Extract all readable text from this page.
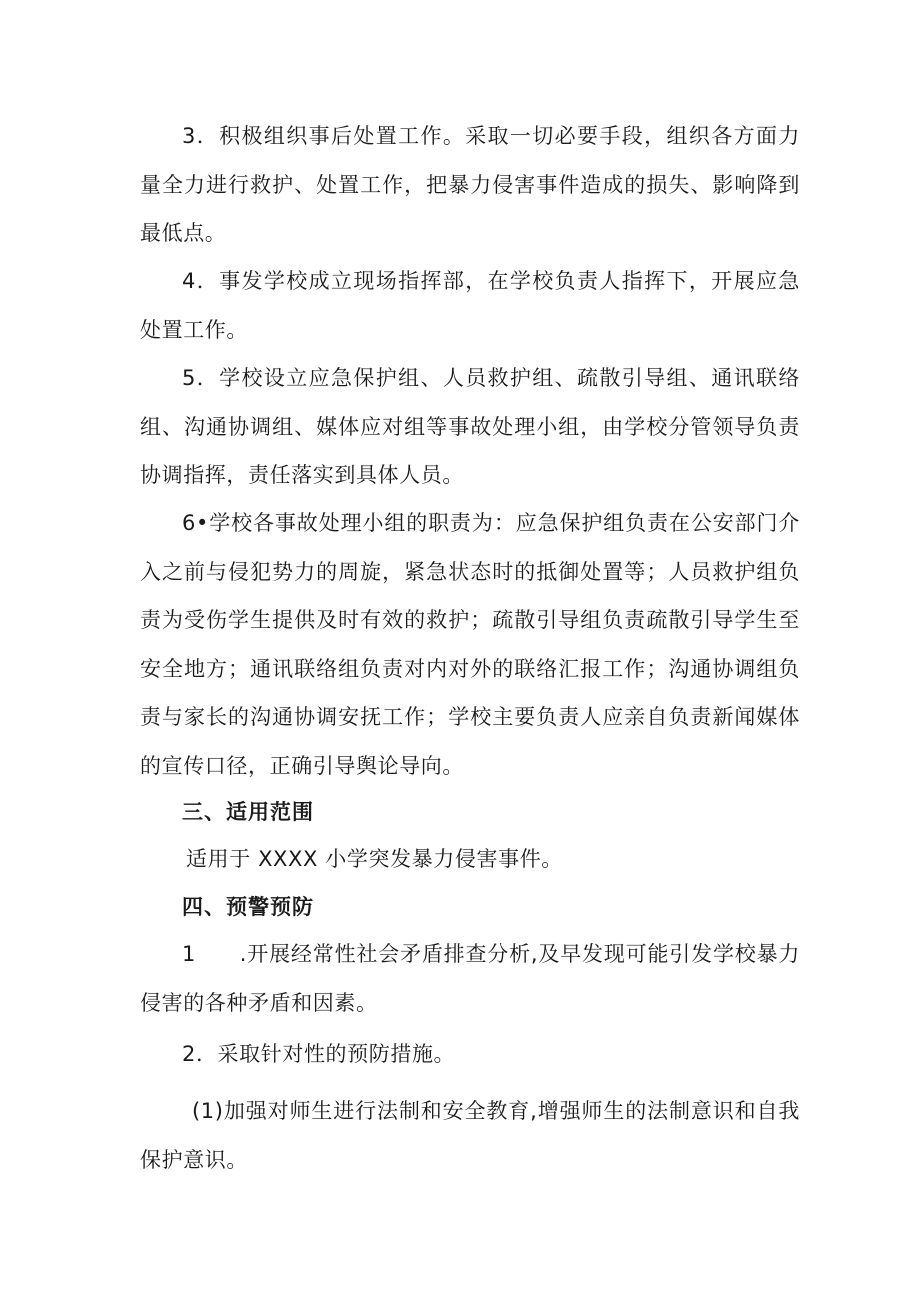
3．积极组织事后处置工作。采取一切必要手段，组织各方面力量全力进行救护、处置工作，把暴力侵害事件造成的损失、影响降到最低点。

4．事发学校成立现场指挥部，在学校负责人指挥下，开展应急处置工作。

5．学校设立应急保护组、人员救护组、疏散引导组、通讯联络组、沟通协调组、媒体应对组等事故处理小组，由学校分管领导负责协调指挥，责任落实到具体人员。

6•学校各事故处理小组的职责为：应急保护组负责在公安部门介入之前与侵犯势力的周旋，紧急状态时的抵御处置等；人员救护组负责为受伤学生提供及时有效的救护；疏散引导组负责疏散引导学生至安全地方；通讯联络组负责对内对外的联络汇报工作；沟通协调组负责与家长的沟通协调安抚工作；学校主要负责人应亲自负责新闻媒体的宣传口径，正确引导舆论导向。

三、适用范围

适用于 XXXX 小学突发暴力侵害事件。

四、预警预防

1　　.开展经常性社会矛盾排查分析,及早发现可能引发学校暴力侵害的各种矛盾和因素。

2．采取针对性的预防措施。

(1)加强对师生进行法制和安全教育,增强师生的法制意识和自我保护意识。
